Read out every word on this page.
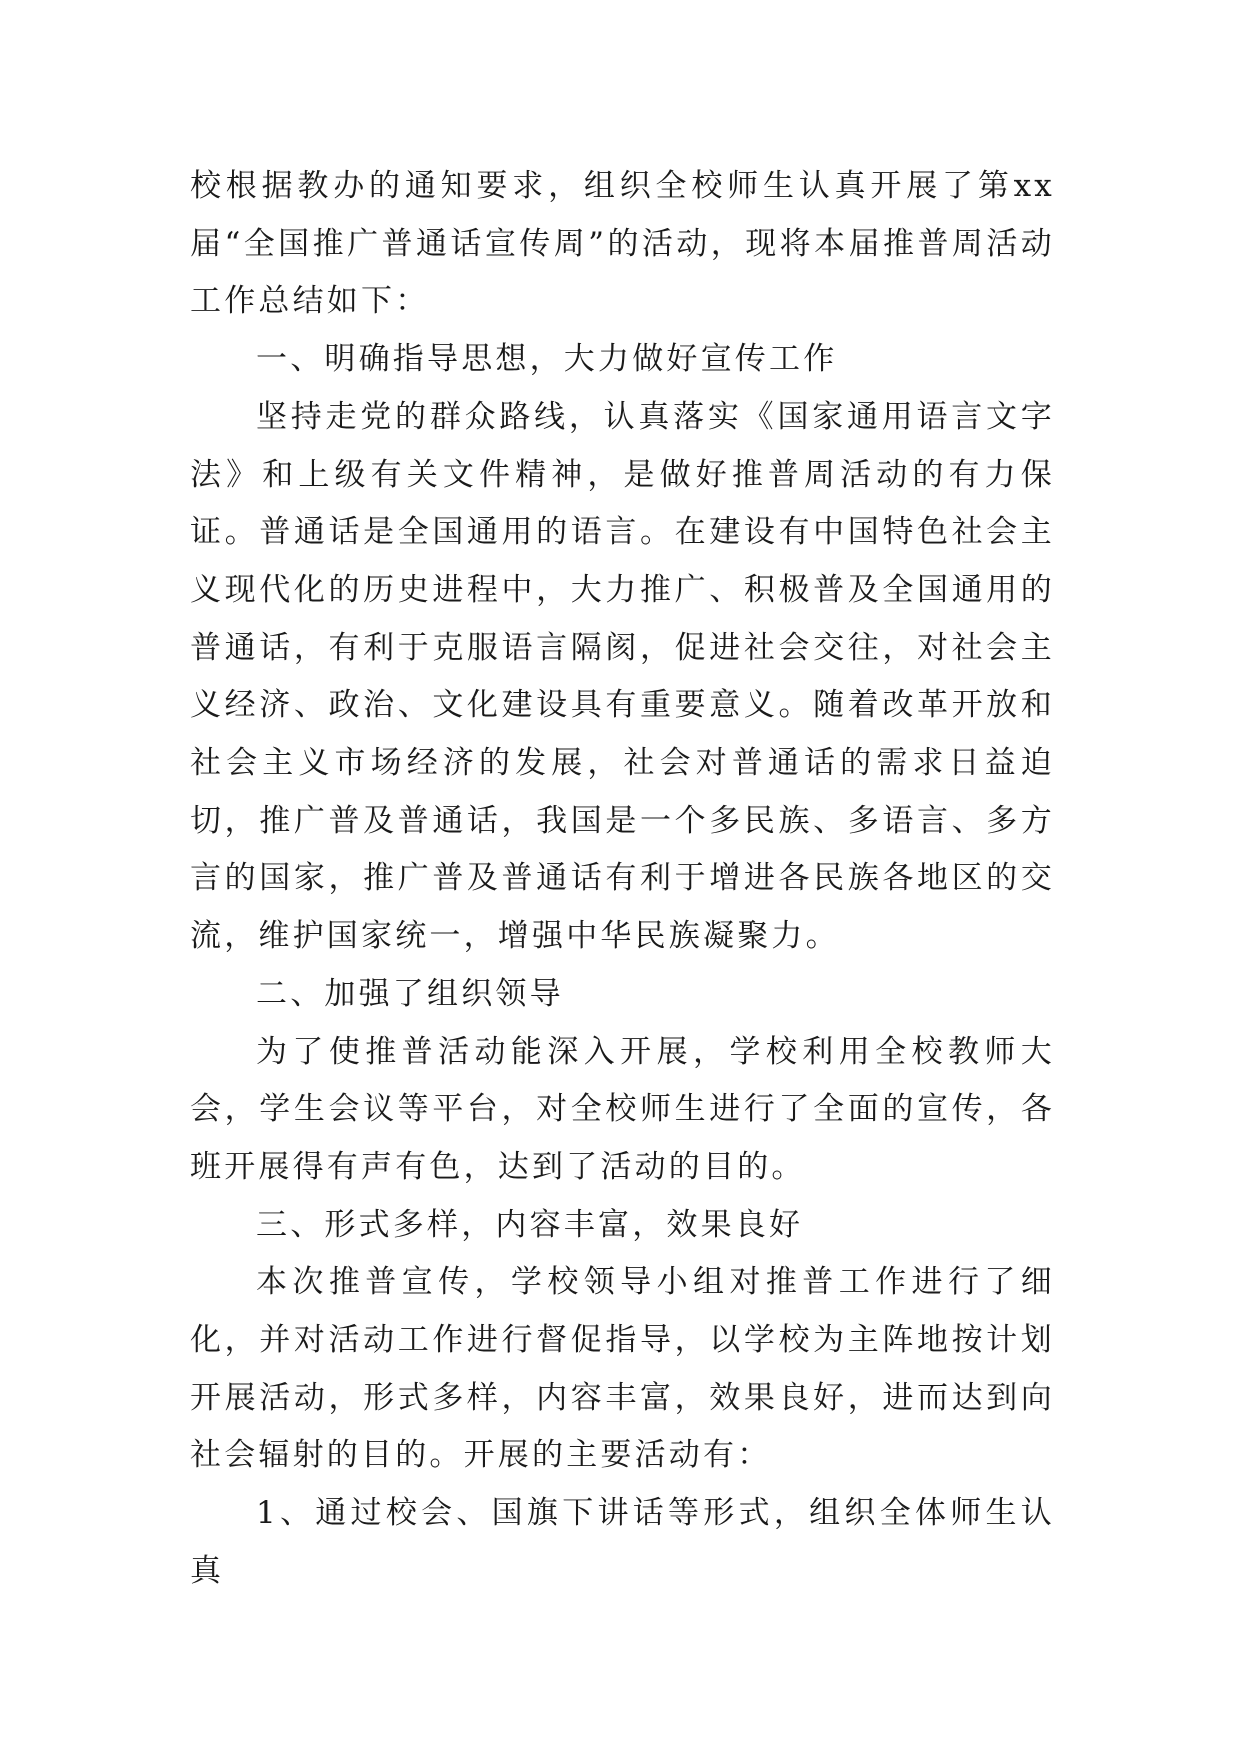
校根据教办的通知要求，组织全校师生认真开展了第xx届“全国推广普通话宣传周”的活动，现将本届推普周活动工作总结如下：

一、明确指导思想，大力做好宣传工作

坚持走党的群众路线，认真落实《国家通用语言文字法》和上级有关文件精神，是做好推普周活动的有力保证。普通话是全国通用的语言。在建设有中国特色社会主义现代化的历史进程中，大力推广、积极普及全国通用的普通话，有利于克服语言隔阂，促进社会交往，对社会主义经济、政治、文化建设具有重要意义。随着改革开放和社会主义市场经济的发展，社会对普通话的需求日益迫切，推广普及普通话，我国是一个多民族、多语言、多方言的国家，推广普及普通话有利于增进各民族各地区的交流，维护国家统一，增强中华民族凝聚力。

二、加强了组织领导

为了使推普活动能深入开展，学校利用全校教师大会，学生会议等平台，对全校师生进行了全面的宣传，各班开展得有声有色，达到了活动的目的。

三、形式多样，内容丰富，效果良好

本次推普宣传，学校领导小组对推普工作进行了细化，并对活动工作进行督促指导，以学校为主阵地按计划开展活动，形式多样，内容丰富，效果良好，进而达到向社会辐射的目的。开展的主要活动有：

1、通过校会、国旗下讲话等形式，组织全体师生认真
